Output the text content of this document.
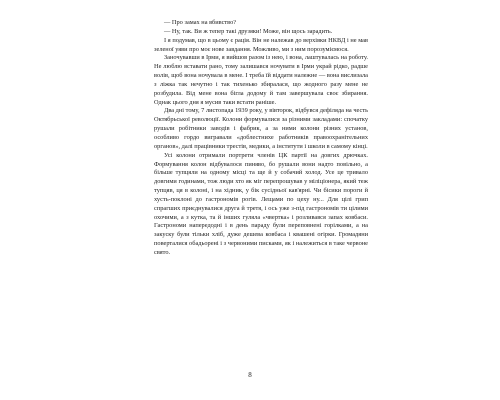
— Про замах на вбивство?

— Ну, так. Ви ж тепер такі друзяки! Може, він щось зарадить.

І я подумав, що в цьому є рація. Він не належав до верхівки НКВД і не мав зеленої уяви про моє нове завдання. Можливо, ми з ним порозуміємося.

Заночувавши в Ірми, я вийшов разом із нею, і вона, лаштувалась на роботу. Не люблю вставати рано, тому залишався ночувати в Ірми украй рідко, радше волів, щоб вона ночувала в мене. І треба їй віддати належне — вона вислизала з ліжка так нечутно і так тихенько збиралася, що жодного разу мене не розбудила. Від мене вона бігла додому й там завершувала своє збирання. Однак цього дня я мусив таки встати раніше.

Два дні тому, 7 листопада 1939 року, у вівторок, відбувся дефіляда на честь Октябрьської революції. Колони формувалися за різними закладами: спочатку рушали робітники заводів і фабрик, а за ними колони різних установ, особливо гордо вигравали «доблестнихе работників правоохранітельних органов», далі працівники трестів, медики, а інститути і школи в самому кінці.

Усі колони отримали портрети членів ЦК партії на довгих дрючках. Формування колон відбувалося пиняво, бо рушали вони надто повільно, а більше тупцяли на одному місці та ще й у собачий холод. Усе це тривало довгими годинами, тож люди хто як міг перепрошував у міліціонера, який теж тупцяв, ця в колоні, і на хідник, у бік сусідньої кав'ярні. Чи бісики пороги й хусть-поклоні до гастрономів рогів. Лещами по цеху ну... Для цілі грип спрагших приєднувалися друга й третя, і ось уже з-під гастрономів ти цілими охочими, а з кутка, та й інших гуляла «чвертка» і розливався запах ковбаси. Гастрономи напередодні і в день параду були переповнені горілками, а на закуску були тільки хліб, дуже дешева ковбаса і квашені огірки. Громадяни поверталися обадьорені і з червоними писками, як і належиться в таке червоне свято.

8
